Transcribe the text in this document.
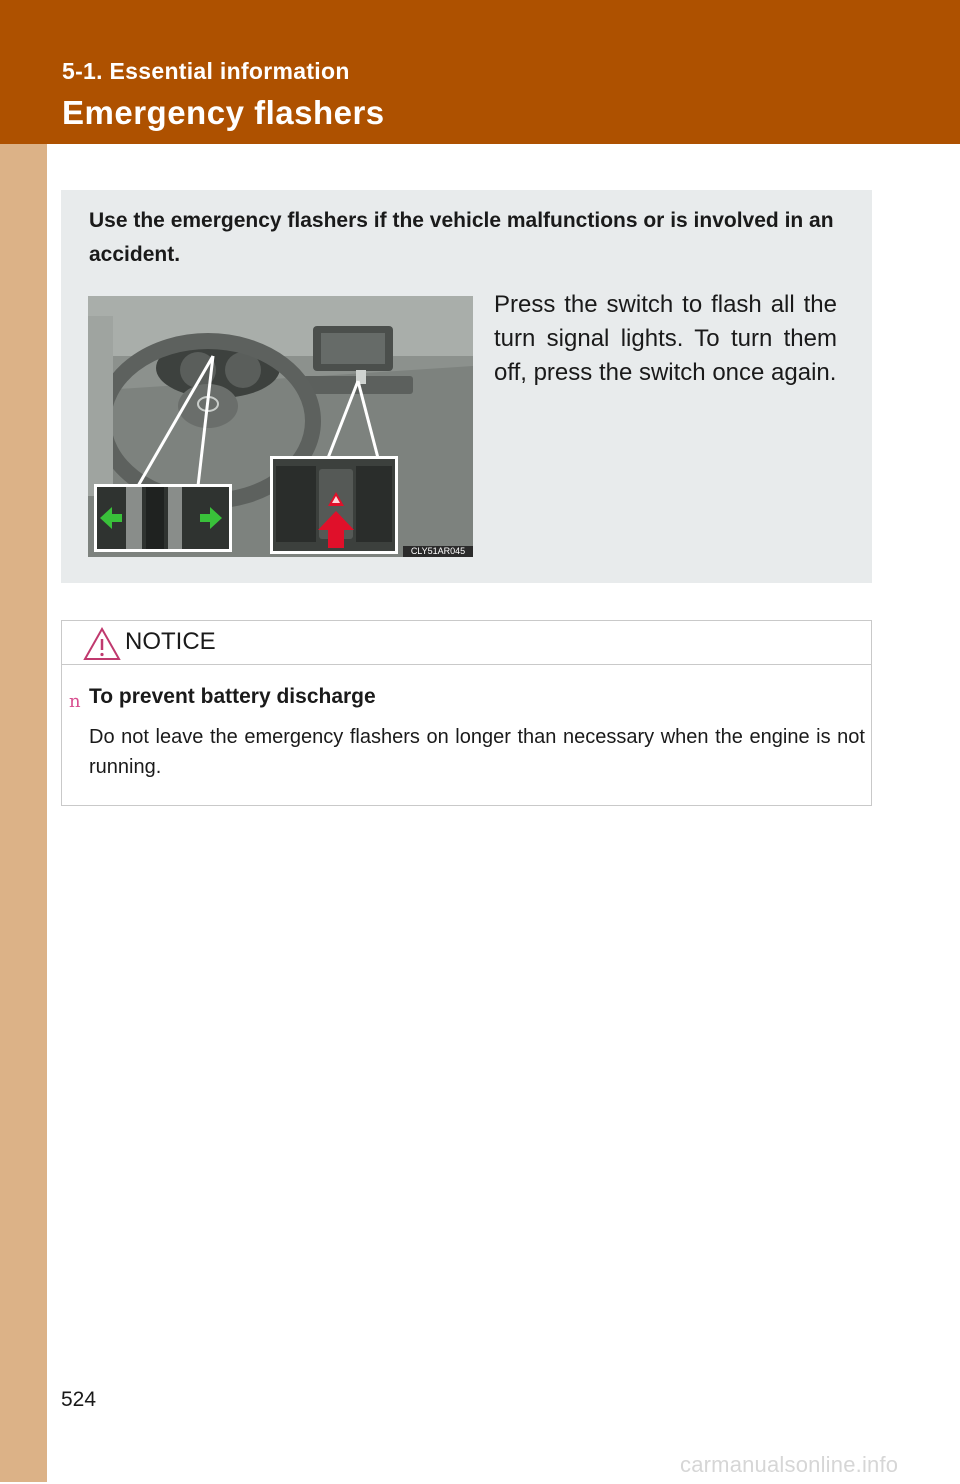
5-1. Essential information
Emergency flashers
Use the emergency flashers if the vehicle malfunctions or is involved in an accident.
CLY51AR045
Press the switch to flash all the turn signal lights. To turn them off, press the switch once again.
NOTICE
n To prevent battery discharge
Do not leave the emergency flashers on longer than necessary when the engine is not running.
524
carmanualsonline.info
